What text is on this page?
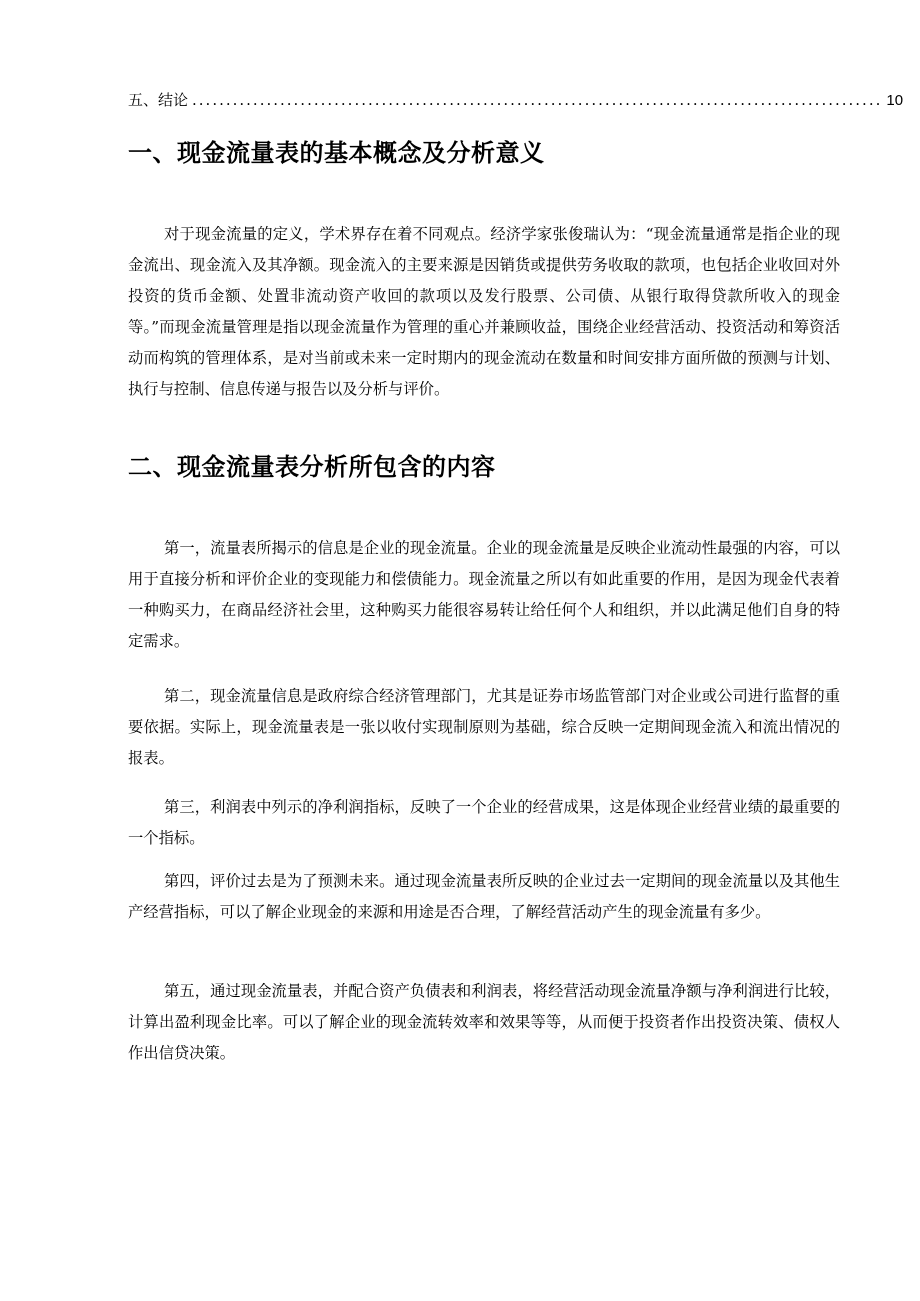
五、结论 ...................................................................................................... 10
一、现金流量表的基本概念及分析意义

对于现金流量的定义，学术界存在着不同观点。经济学家张俊瑞认为：“现金流量通常是指企业的现金流出、现金流入及其净额。现金流入的主要来源是因销货或提供劳务收取的款项，也包括企业收回对外投资的货币金额、处置非流动资产收回的款项以及发行股票、公司债、从银行取得贷款所收入的现金等。”而现金流量管理是指以现金流量作为管理的重心并兼顾收益，围绕企业经营活动、投资活动和筹资活动而构筑的管理体系，是对当前或未来一定时期内的现金流动在数量和时间安排方面所做的预测与计划、执行与控制、信息传递与报告以及分析与评价。

二、现金流量表分析所包含的内容

第一，流量表所揭示的信息是企业的现金流量。企业的现金流量是反映企业流动性最强的内容，可以用于直接分析和评价企业的变现能力和偿债能力。现金流量之所以有如此重要的作用，是因为现金代表着一种购买力，在商品经济社会里，这种购买力能很容易转让给任何个人和组织，并以此满足他们自身的特定需求。

第二，现金流量信息是政府综合经济管理部门，尤其是证券市场监管部门对企业或公司进行监督的重要依据。实际上，现金流量表是一张以收付实现制原则为基础，综合反映一定期间现金流入和流出情况的报表。

第三，利润表中列示的净利润指标，反映了一个企业的经营成果，这是体现企业经营业绩的最重要的一个指标。

第四，评价过去是为了预测未来。通过现金流量表所反映的企业过去一定期间的现金流量以及其他生产经营指标，可以了解企业现金的来源和用途是否合理，了解经营活动产生的现金流量有多少。

第五，通过现金流量表，并配合资产负债表和利润表，将经营活动现金流量净额与净利润进行比较，计算出盈利现金比率。可以了解企业的现金流转效率和效果等等，从而便于投资者作出投资决策、债权人作出信贷决策。
